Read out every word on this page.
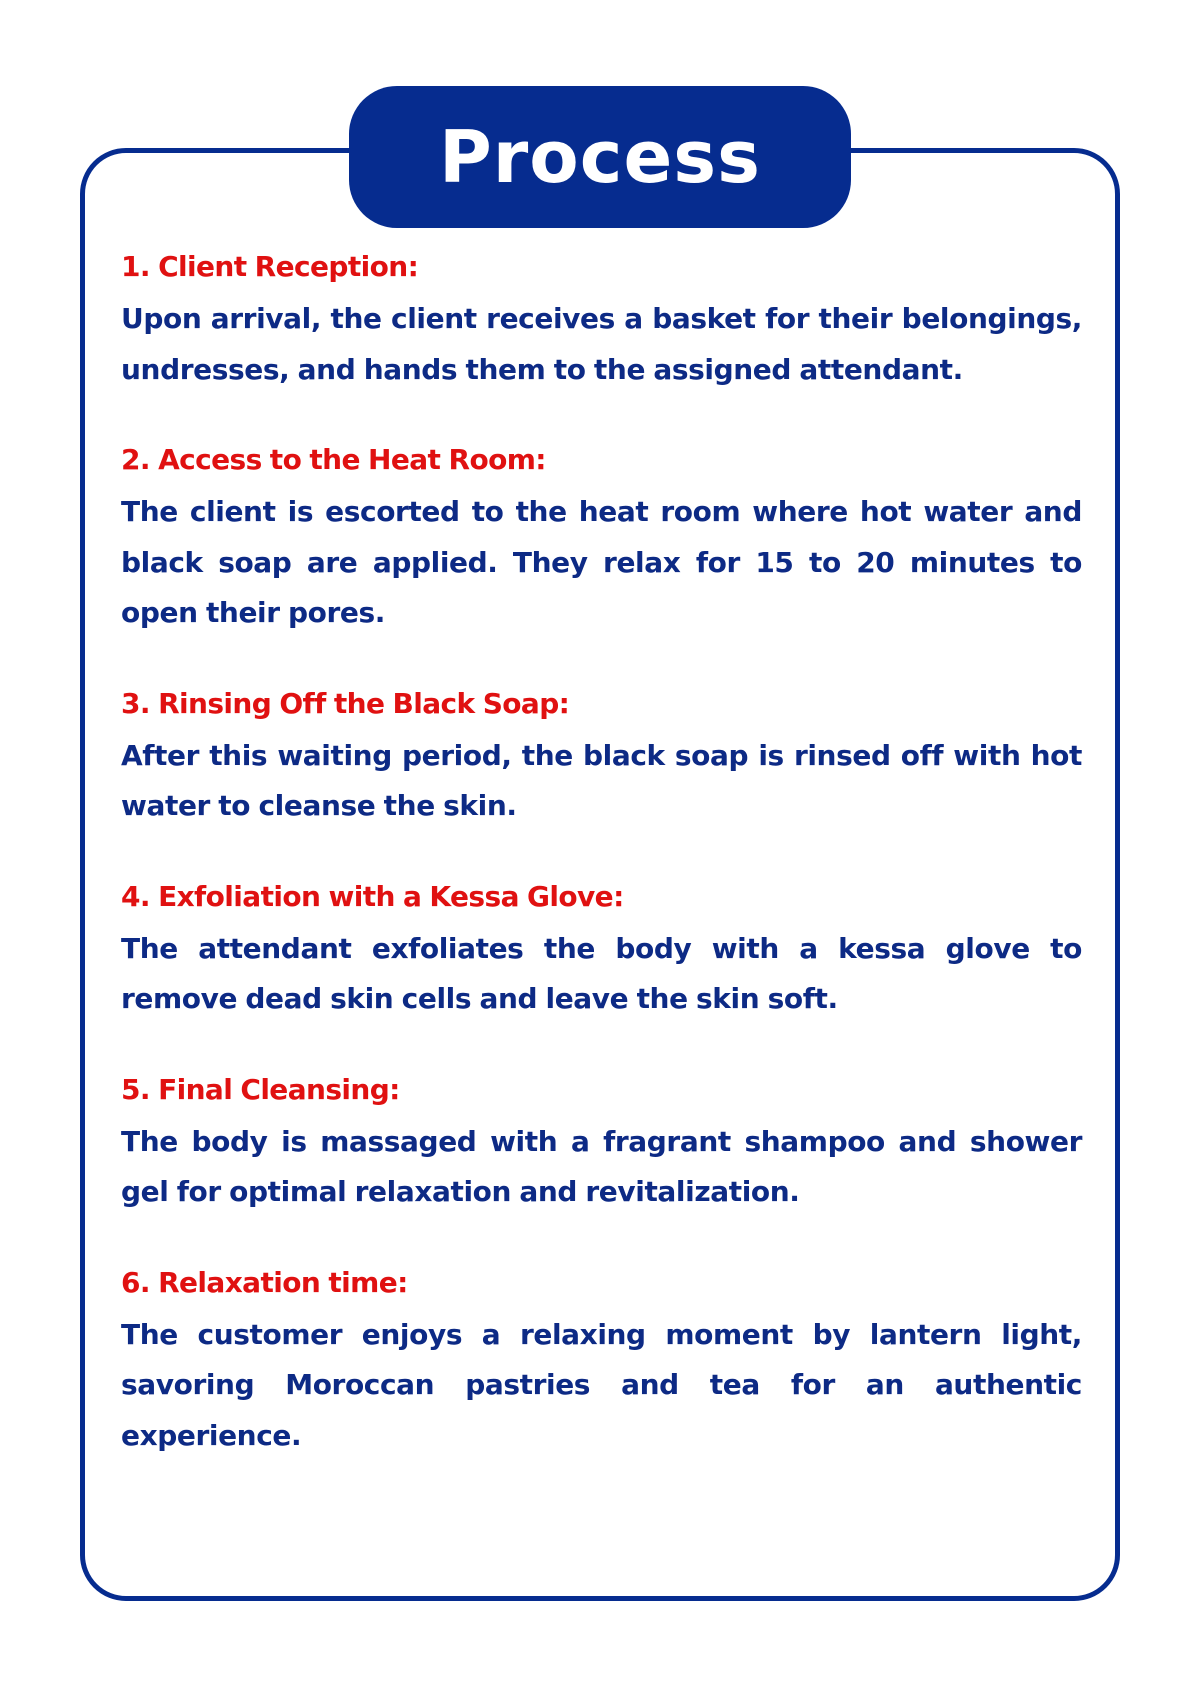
Process
1. Client Reception:
Upon arrival, the client receives a basket for their belongings, undresses, and hands them to the assigned attendant.
2. Access to the Heat Room:
The client is escorted to the heat room where hot water and black soap are applied. They relax for 15 to 20 minutes to open their pores.
3. Rinsing Off the Black Soap:
After this waiting period, the black soap is rinsed off with hot water to cleanse the skin.
4. Exfoliation with a Kessa Glove:
The attendant exfoliates the body with a kessa glove to remove dead skin cells and leave the skin soft.
5. Final Cleansing:
The body is massaged with a fragrant shampoo and shower gel for optimal relaxation and revitalization.
6. Relaxation time:
The customer enjoys a relaxing moment by lantern light, savoring Moroccan pastries and tea for an authentic experience.
